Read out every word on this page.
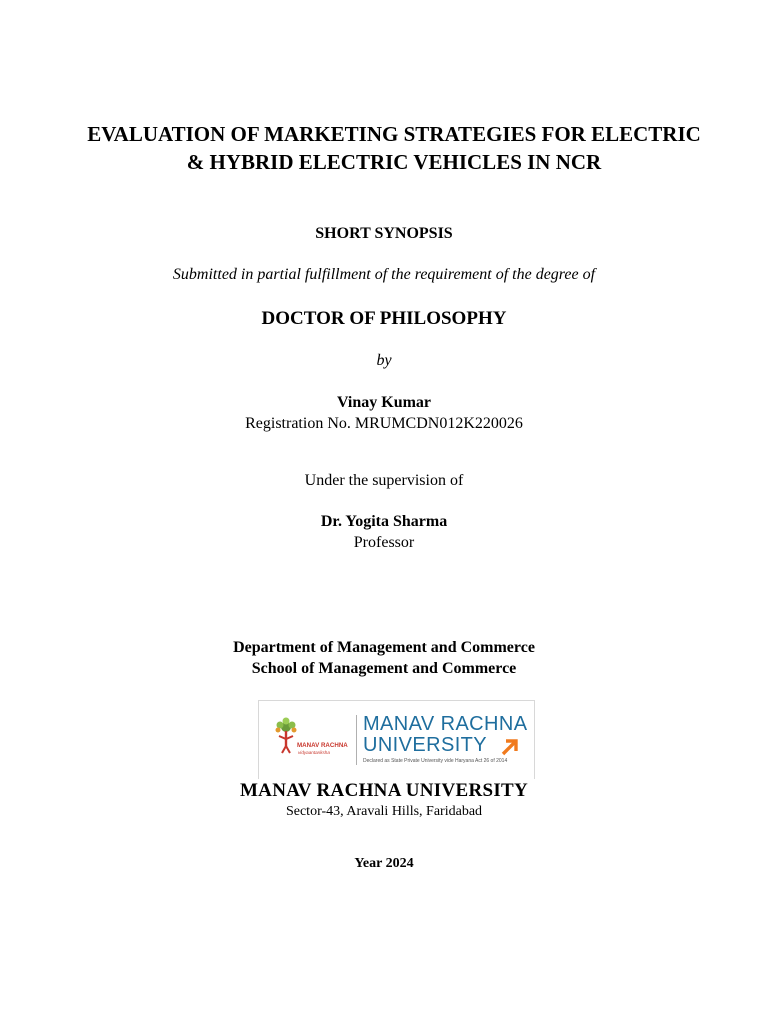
EVALUATION OF MARKETING STRATEGIES FOR ELECTRIC & HYBRID ELECTRIC VEHICLES IN NCR
SHORT SYNOPSIS
Submitted in partial fulfillment of the requirement of the degree of
DOCTOR OF PHILOSOPHY
by
Vinay Kumar
Registration No. MRUMCDN012K220026
Under the supervision of
Dr. Yogita Sharma
Professor
Department of Management and Commerce
School of Management and Commerce
MANAV RACHNA
vidyaantariksha
MANAV RACHNA
UNIVERSITY
Declared as State Private University vide Haryana Act 26 of 2014
MANAV RACHNA UNIVERSITY
Sector-43, Aravali Hills, Faridabad
Year 2024
